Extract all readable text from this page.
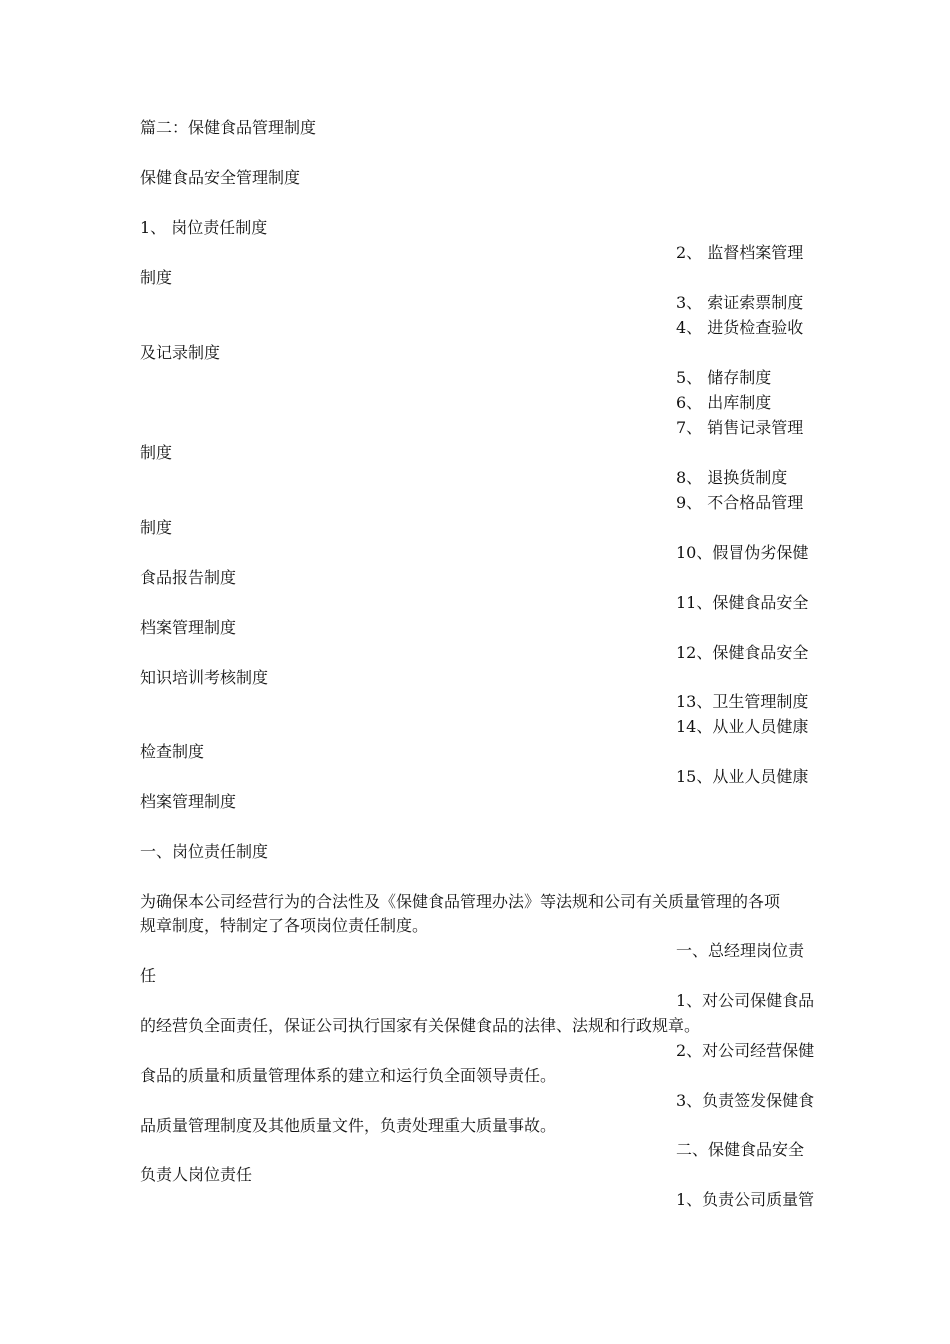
篇二：保健食品管理制度
保健食品安全管理制度
1、 岗位责任制度
2、 监督档案管理
制度
3、 索证索票制度
4、 进货检查验收
及记录制度
5、 储存制度
6、 出库制度
7、 销售记录管理
制度
8、 退换货制度
9、 不合格品管理
制度
10、假冒伪劣保健
食品报告制度
11、保健食品安全
档案管理制度
12、保健食品安全
知识培训考核制度
13、卫生管理制度
14、从业人员健康
检查制度
15、从业人员健康
档案管理制度
一、岗位责任制度
为确保本公司经营行为的合法性及《保健食品管理办法》等法规和公司有关质量管理的各项
规章制度，特制定了各项岗位责任制度。
一、总经理岗位责
任
1、对公司保健食品
的经营负全面责任，保证公司执行国家有关保健食品的法律、法规和行政规章。
2、对公司经营保健
食品的质量和质量管理体系的建立和运行负全面领导责任。
3、负责签发保健食
品质量管理制度及其他质量文件，负责处理重大质量事故。
二、保健食品安全
负责人岗位责任
1、负责公司质量管
